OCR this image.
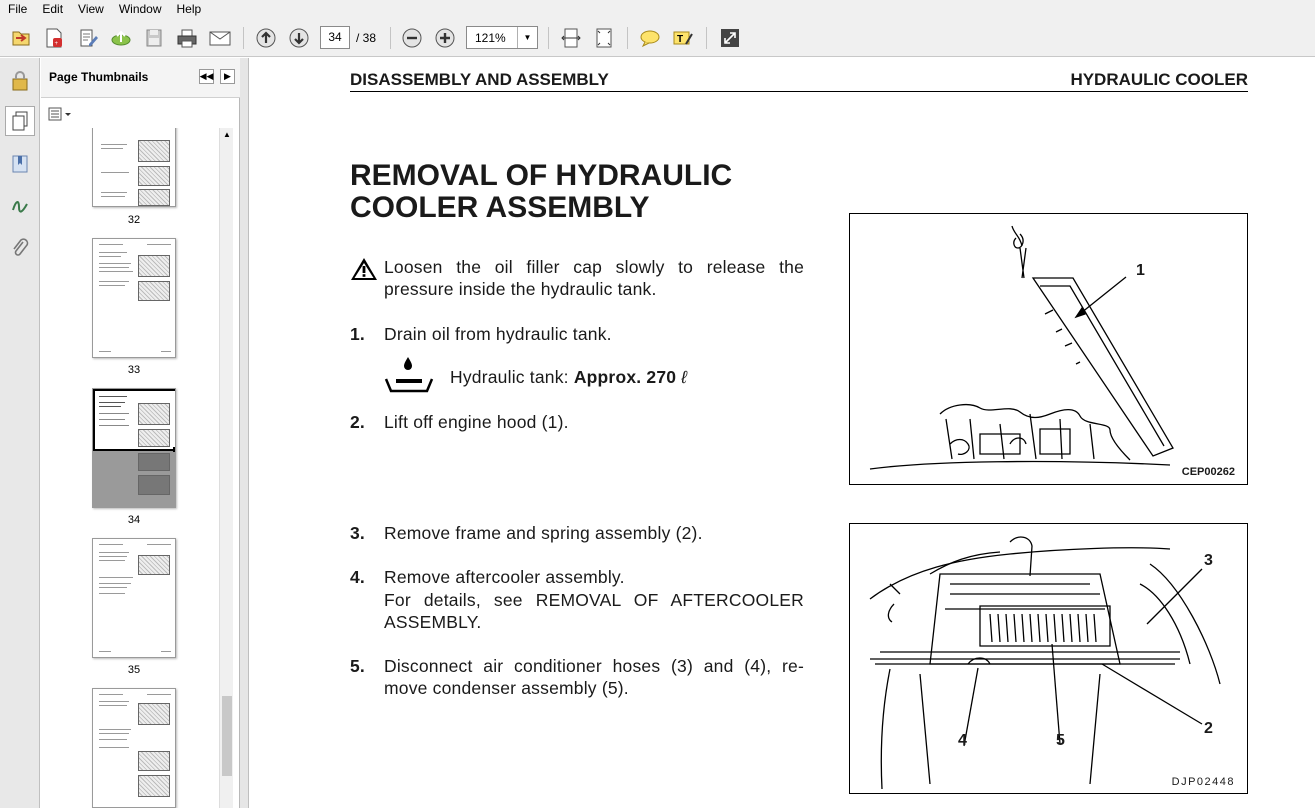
File	Edit	View	Window	Help
+	34	/ 38	121%	▼	T
Page Thumbnails	◀◀	▶
32
33
34
35
▲
DISASSEMBLY AND ASSEMBLY	HYDRAULIC COOLER
REMOVAL OF HYDRAULIC
COOLER ASSEMBLY
Loosen the oil filler cap slowly to release the pressure inside the hydraulic tank.
1. Drain oil from hydraulic tank.
Hydraulic tank: Approx. 270 ℓ
2. Lift off engine hood (1).
3. Remove frame and spring assembly (2).
4. Remove aftercooler assembly.
For details, see REMOVAL OF AFTERCOOLER ASSEMBLY.
5. Disconnect air conditioner hoses (3) and (4), re-move condenser assembly (5).
1
CEP00262
3
2
4	5
DJP02448
